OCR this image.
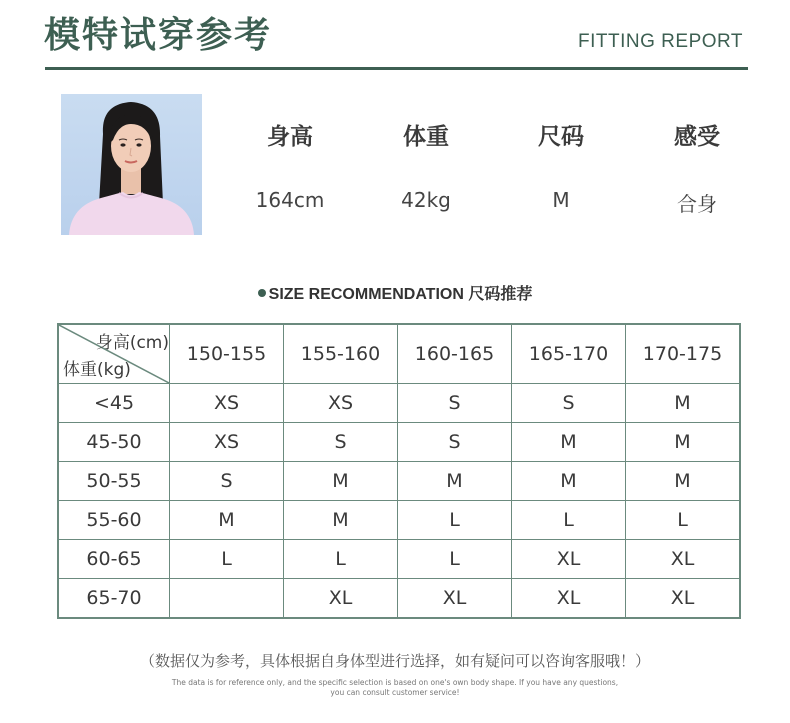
模特试穿参考	FITTING REPORT
身高	体重	尺码	感受
164cm	42kg	M	合身
SIZE RECOMMENDATION 尺码推荐
身高(cm)
体重(kg)	150-155	155-160	160-165	165-170	170-175
<45	XS	XS	S	S	M
45-50	XS	S	S	M	M
50-55	S	M	M	M	M
55-60	M	M	L	L	L
60-65	L	L	L	XL	XL
65-70		XL	XL	XL	XL
（数据仅为参考，具体根据自身体型进行选择，如有疑问可以咨询客服哦！）
The data is for reference only, and the specific selection is based on one's own body shape. If you have any questions,
you can consult customer service!
